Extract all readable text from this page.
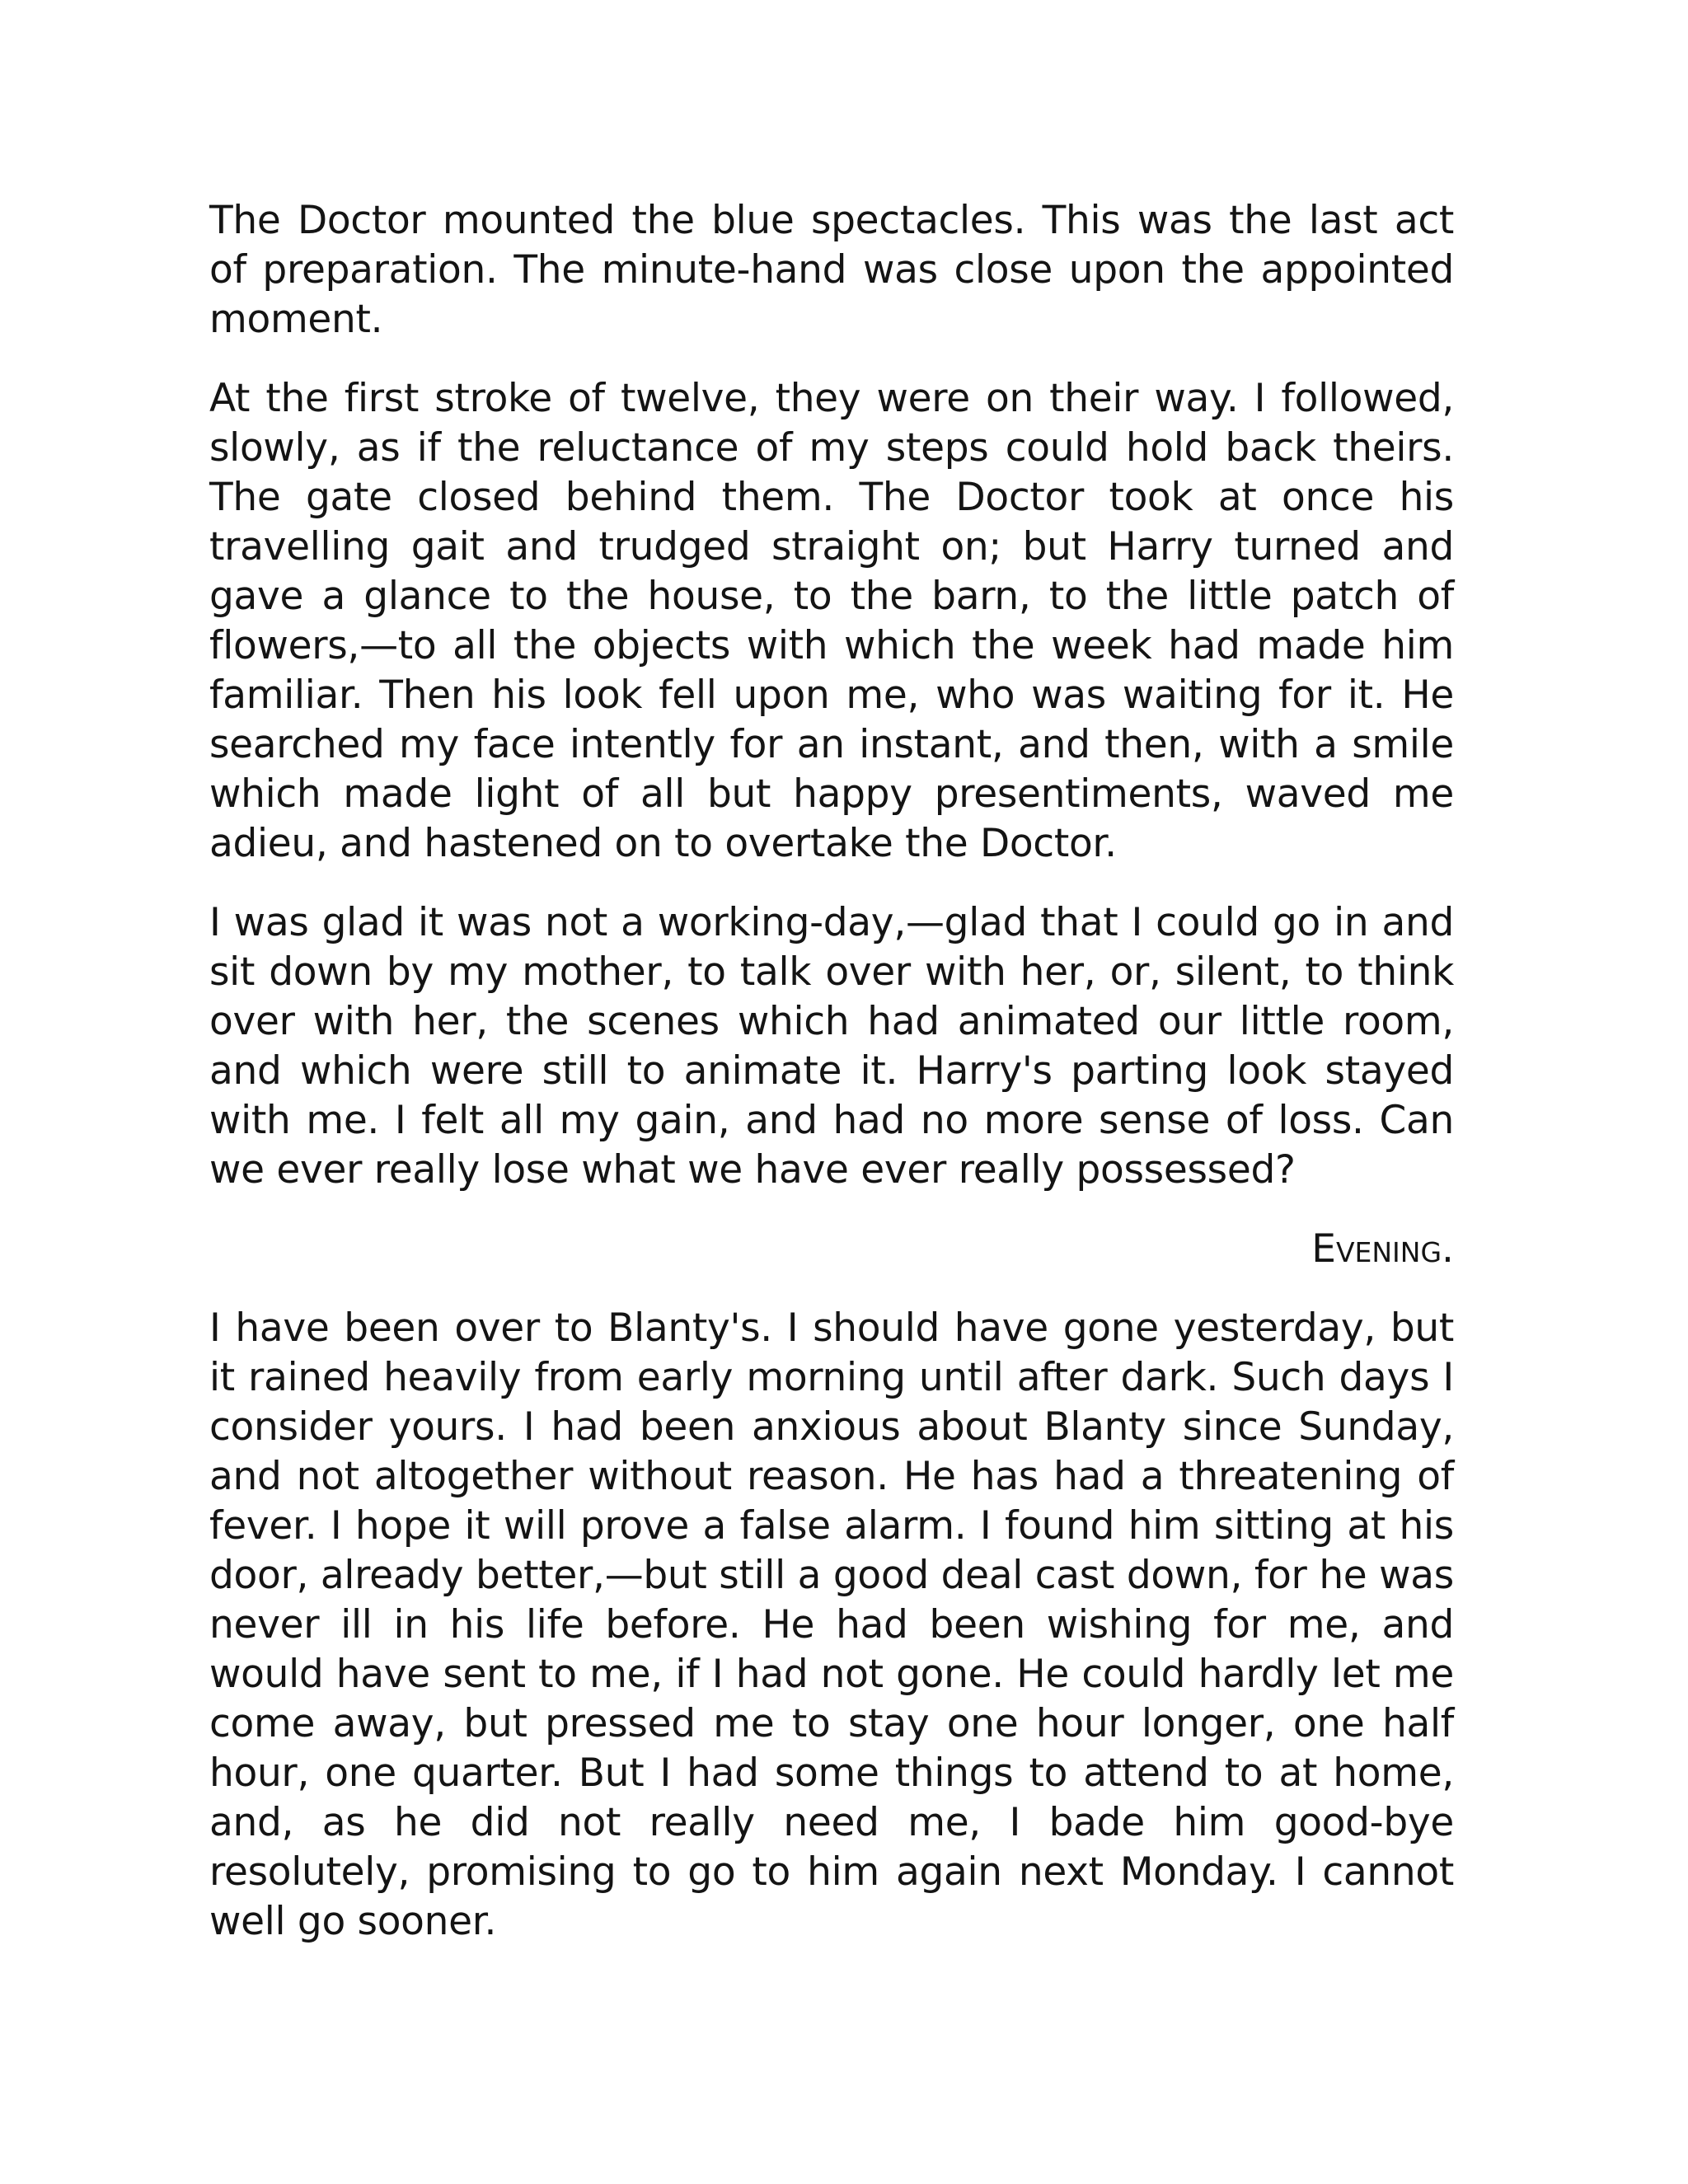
The Doctor mounted the blue spectacles. This was the last act of preparation. The minute-hand was close upon the appointed moment.

At the first stroke of twelve, they were on their way. I followed, slowly, as if the reluctance of my steps could hold back theirs. The gate closed behind them. The Doctor took at once his travelling gait and trudged straight on; but Harry turned and gave a glance to the house, to the barn, to the little patch of flowers,—to all the objects with which the week had made him familiar. Then his look fell upon me, who was waiting for it. He searched my face intently for an instant, and then, with a smile which made light of all but happy presentiments, waved me adieu, and hastened on to overtake the Doctor.

I was glad it was not a working-day,—glad that I could go in and sit down by my mother, to talk over with her, or, silent, to think over with her, the scenes which had animated our little room, and which were still to animate it. Harry's parting look stayed with me. I felt all my gain, and had no more sense of loss. Can we ever really lose what we have ever really possessed?

Evening.

I have been over to Blanty's. I should have gone yesterday, but it rained heavily from early morning until after dark. Such days I consider yours. I had been anxious about Blanty since Sunday, and not altogether without reason. He has had a threatening of fever. I hope it will prove a false alarm. I found him sitting at his door, already better,—but still a good deal cast down, for he was never ill in his life before. He had been wishing for me, and would have sent to me, if I had not gone. He could hardly let me come away, but pressed me to stay one hour longer, one half hour, one quarter. But I had some things to attend to at home, and, as he did not really need me, I bade him good-bye resolutely, promising to go to him again next Monday. I cannot well go sooner.
